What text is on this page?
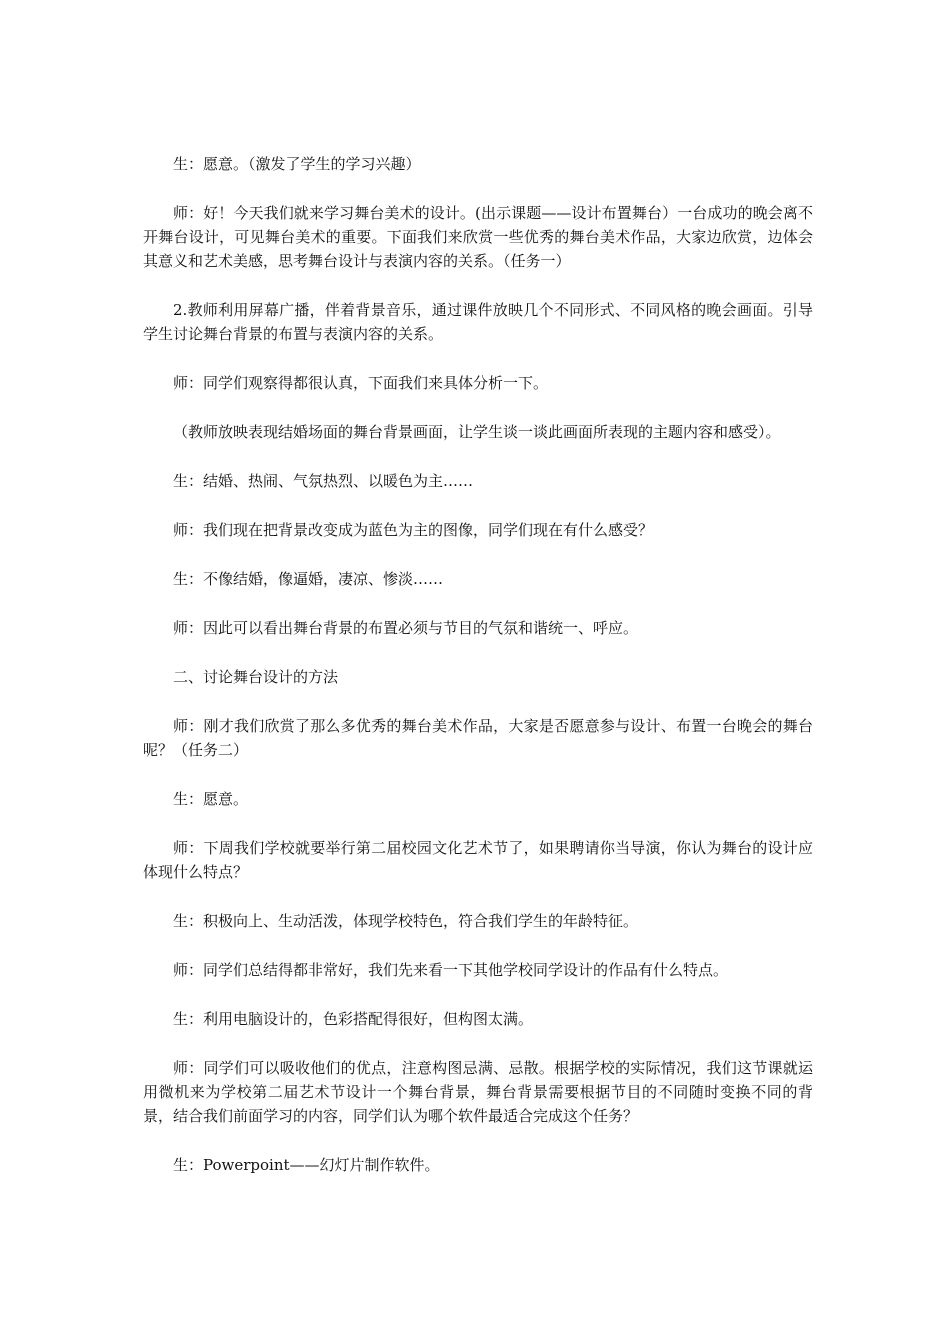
生：愿意。（激发了学生的学习兴趣）

师：好！今天我们就来学习舞台美术的设计。(出示课题——设计布置舞台）一台成功的晚会离不开舞台设计，可见舞台美术的重要。下面我们来欣赏一些优秀的舞台美术作品，大家边欣赏，边体会其意义和艺术美感，思考舞台设计与表演内容的关系。（任务一）

2.教师利用屏幕广播，伴着背景音乐，通过课件放映几个不同形式、不同风格的晚会画面。引导学生讨论舞台背景的布置与表演内容的关系。

师：同学们观察得都很认真，下面我们来具体分析一下。

（教师放映表现结婚场面的舞台背景画面，让学生谈一谈此画面所表现的主题内容和感受）。

生：结婚、热闹、气氛热烈、以暖色为主……

师：我们现在把背景改变成为蓝色为主的图像，同学们现在有什么感受？

生：不像结婚，像逼婚，凄凉、惨淡……

师：因此可以看出舞台背景的布置必须与节目的气氛和谐统一、呼应。

二、讨论舞台设计的方法

师：刚才我们欣赏了那么多优秀的舞台美术作品，大家是否愿意参与设计、布置一台晚会的舞台呢？（任务二）

生：愿意。

师：下周我们学校就要举行第二届校园文化艺术节了，如果聘请你当导演，你认为舞台的设计应体现什么特点？

生：积极向上、生动活泼，体现学校特色，符合我们学生的年龄特征。

师：同学们总结得都非常好，我们先来看一下其他学校同学设计的作品有什么特点。

生：利用电脑设计的，色彩搭配得很好，但构图太满。

师：同学们可以吸收他们的优点，注意构图忌满、忌散。根据学校的实际情况，我们这节课就运用微机来为学校第二届艺术节设计一个舞台背景，舞台背景需要根据节目的不同随时变换不同的背景，结合我们前面学习的内容，同学们认为哪个软件最适合完成这个任务？

生：Powerpoint——幻灯片制作软件。
